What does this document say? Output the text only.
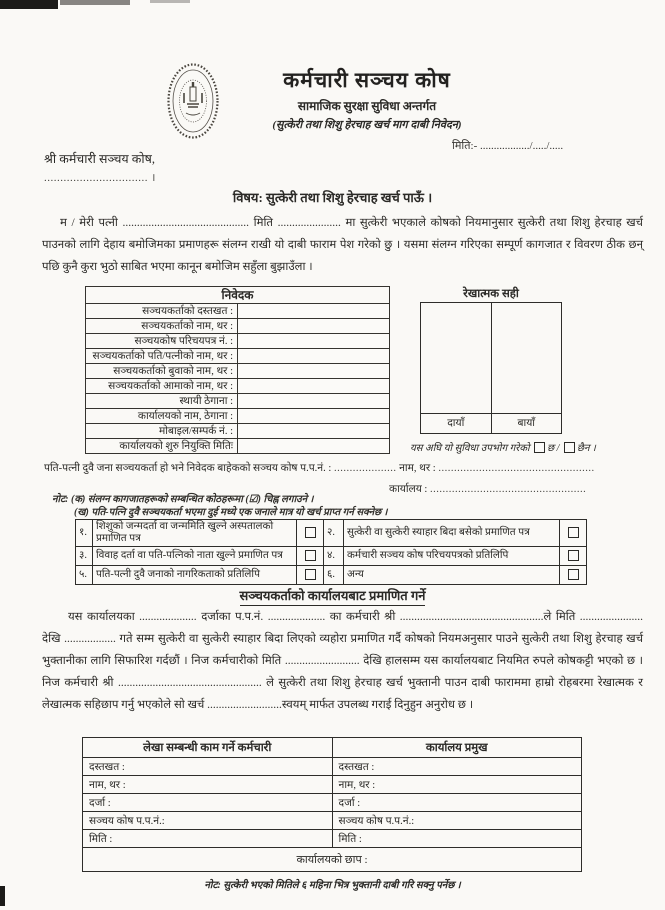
कर्मचारी सञ्चय कोष
सामाजिक सुरक्षा सुविधा अन्तर्गत
(सुत्केरी तथा शिशु हेरचाह खर्च माग दाबी निवेदन)
मिति:- ................../...../.....
श्री कर्मचारी सञ्चय कोष,
................................ ।
विषय: सुत्केरी तथा शिशु हेरचाह खर्च पाऊँ ।
म / मेरी पत्नी ............................................ मिति ...................... मा सुत्केरी भएकाले कोषको नियमानुसार सुत्केरी तथा शिशु हेरचाह खर्च पाउनको लागि देहाय बमोजिमका प्रमाणहरू संलग्न राखी यो दाबी फाराम पेश गरेको छु । यसमा संलग्न गरिएका सम्पूर्ण कागजात र विवरण ठीक छन् पछि कुनै कुरा भुठो साबित भएमा कानून बमोजिम सहुँला बुझाउँला ।
निवेदक	
सञ्चयकर्ताको दस्तखत :	
सञ्चयकर्ताको नाम, थर :	
सञ्चयकोष परिचयपत्र नं. :	
सञ्चयकर्ताको पति/पत्नीको नाम, थर :	
सञ्चयकर्ताको बुवाको नाम, थर :	
सञ्चयकर्ताको आमाको नाम, थर :	
स्थायी ठेगाना :	
कार्यालयको नाम, ठेगाना :	
मोबाइल/सम्पर्क नं. :	
कार्यालयको शुरु नियुक्ति मितिः	
रेखात्मक सही
दायाँ	बायाँ
यस अघि यो सुविधा उपभोग गरेको छ / छैन ।
पति-पत्नी दुवै जना सञ्चयकर्ता हो भने निवेदक बाहेकको सञ्चय कोष प.प.नं. : .................... नाम, थर : ..................................................
कार्यालय : ..................................................
नोट: (क) संलग्न कागजातहरूको सम्बन्धित कोठहरूमा (☑) चिह्न लगाउने ।
(ख) पति-पत्नि दुवै सञ्चयकर्ता भएमा दुई मध्ये एक जनाले मात्र यो खर्च प्राप्त गर्न सक्नेछ ।
१.	शिशुको जन्मदर्ता वा जन्ममिति खुल्ने अस्पतालको प्रमाणित पत्र		२.	सुत्केरी वा सुत्केरी स्याहार बिदा बसेको प्रमाणित पत्र	
३.	विवाह दर्ता वा पति-पत्निको नाता खुल्ने प्रमाणित पत्र		४.	कर्मचारी सञ्चय कोष परिचयपत्रको प्रतिलिपि	
५.	पति-पत्नी दुवै जनाको नागरिकताको प्रतिलिपि		६.	अन्य	
सञ्चयकर्ताको कार्यालयबाट प्रमाणित गर्ने
यस कार्यालयका .................... दर्जाका प.प.नं. .................... का कर्मचारी श्री ..................................................ले मिति ...................... देखि .................. गते सम्म सुत्केरी वा सुत्केरी स्याहार बिदा लिएको व्यहोरा प्रमाणित गर्दै कोषको नियमअनुसार पाउने सुत्केरी तथा शिशु हेरचाह खर्च भुक्तानीका लागि सिफारिश गर्दछौं । निज कर्मचारीको मिति .......................... देखि हालसम्म यस कार्यालयबाट नियमित रुपले कोषकट्टी भएको छ । निज कर्मचारी श्री .................................................. ले सुत्केरी तथा शिशु हेरचाह खर्च भुक्तानी पाउन दाबी फाराममा हाम्रो रोहबरमा रेखात्मक र लेखात्मक सहिछाप गर्नु भएकोले सो खर्च ..........................स्वयम् मार्फत उपलब्ध गराई दिनुहुन अनुरोध छ ।
लेखा सम्बन्धी काम गर्ने कर्मचारी	कार्यालय प्रमुख
दस्तखत :	दस्तखत :
नाम, थर :	नाम, थर :
दर्जा :	दर्जा :
सञ्चय कोष प.प.नं.:	सञ्चय कोष प.प.नं.:
मिति :	मिति :
कार्यालयको छाप :	
नोट: सुत्केरी भएको मितिले ६ महिना भित्र भुक्तानी दाबी गरि सक्नु पर्नेछ ।
